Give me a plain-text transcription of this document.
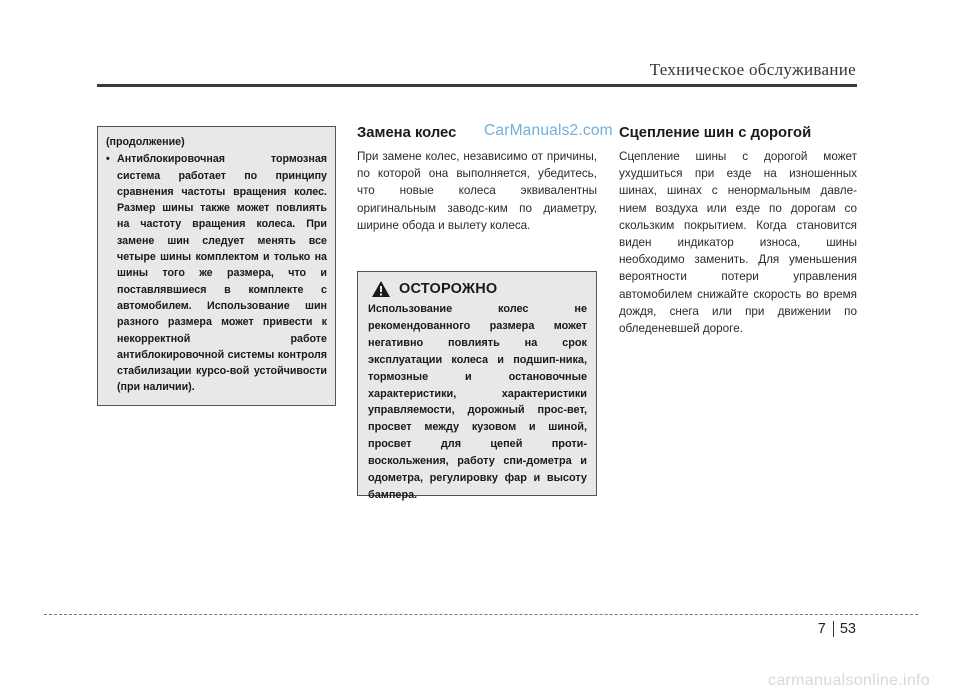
Техническое обслуживание
(продолжение)
• Антиблокировочная тормозная система работает по принципу сравнения частоты вращения колес. Размер шины также может повлиять на частоту вращения колеса. При замене шин следует менять все четыре шины комплектом и только на шины того же размера, что и поставлявшиеся в комплекте с автомобилем. Использование шин разного размера может привести к некорректной работе антиблокировочной системы контроля стабилизации курсо-вой устойчивости (при наличии).
Замена колес CarManuals2.com
При замене колес, независимо от причины, по которой она выполняется, убедитесь, что новые колеса эквивалентны оригинальным заводс-ким по диаметру, ширине обода и вылету колеса.
ОСТОРОЖНО
Использование колес не рекомендованного размера может негативно повлиять на срок эксплуатации колеса и подшип-ника, тормозные и остановочные характеристики, характеристики управляемости, дорожный прос-вет, просвет между кузовом и шиной, просвет для цепей проти-воскольжения, работу спи-дометра и одометра, регулировку фар и высоту бампера.
Сцепление шин с дорогой
Сцепление шины с дорогой может ухудшиться при езде на изношенных шинах, шинах с ненормальным давле-нием воздуха или езде по дорогам со скользким покрытием. Когда становится виден индикатор износа, шины необходимо заменить. Для уменьшения вероятности потери управления автомобилем снижайте скорость во время дождя, снега или при движении по обледеневшей дороге.
7 53
carmanualsonline.info
